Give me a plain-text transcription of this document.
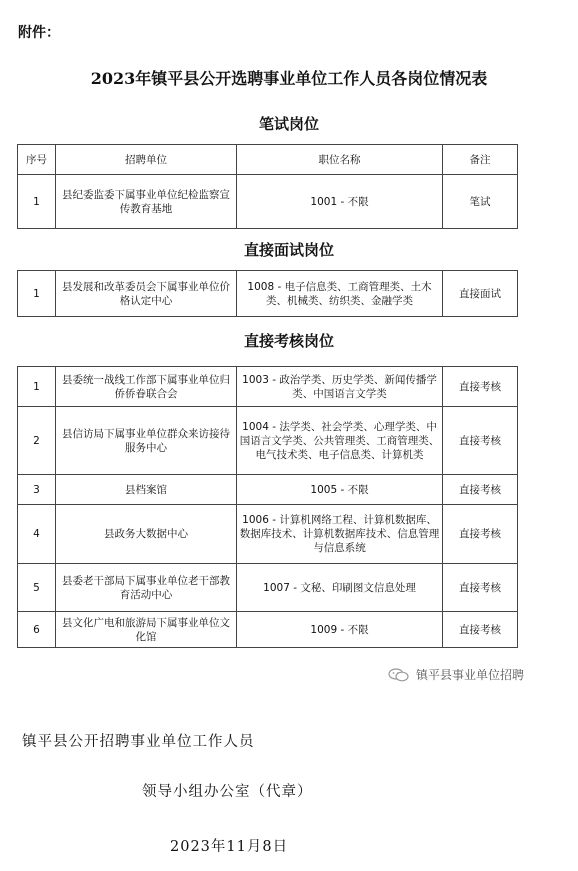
附件：
2023年镇平县公开选聘事业单位工作人员各岗位情况表
笔试岗位
序号	招聘单位	职位名称	备注
1	县纪委监委下属事业单位纪检监察宣传教育基地	1001 - 不限	笔试
直接面试岗位
1	县发展和改革委员会下属事业单位价格认定中心	1008 - 电子信息类、工商管理类、土木类、机械类、纺织类、金融学类	直接面试
直接考核岗位
1	县委统一战线工作部下属事业单位归侨侨眷联合会	1003 - 政治学类、历史学类、新闻传播学类、中国语言文学类	直接考核
2	县信访局下属事业单位群众来访接待服务中心	1004 - 法学类、社会学类、心理学类、中国语言文学类、公共管理类、工商管理类、电气技术类、电子信息类、计算机类	直接考核
3	县档案馆	1005 - 不限	直接考核
4	县政务大数据中心	1006 - 计算机网络工程、计算机数据库、数据库技术、计算机数据库技术、信息管理与信息系统	直接考核
5	县委老干部局下属事业单位老干部教育活动中心	1007 - 文秘、印刷图文信息处理	直接考核
6	县文化广电和旅游局下属事业单位文化馆	1009 - 不限	直接考核
镇平县事业单位招聘
镇平县公开招聘事业单位工作人员
领导小组办公室（代章）
2023年11月8日
